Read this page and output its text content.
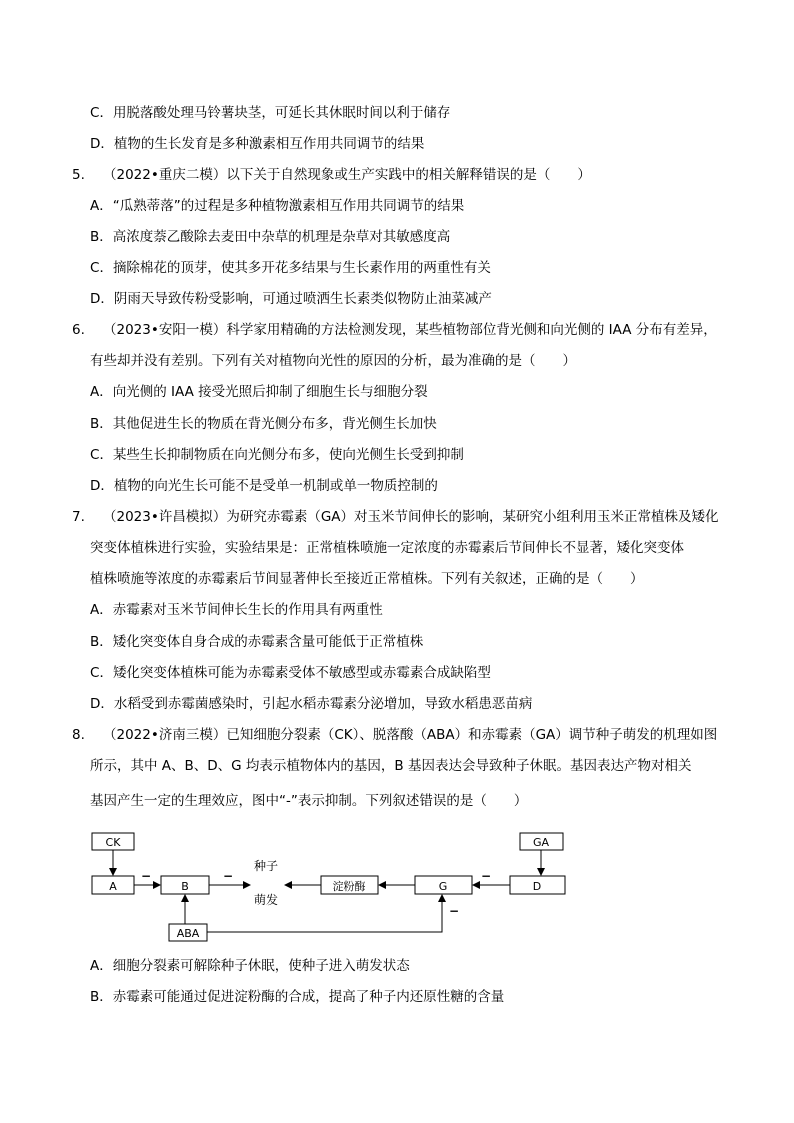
C．用脱落酸处理马铃薯块茎，可延长其休眠时间以利于储存
D．植物的生长发育是多种激素相互作用共同调节的结果
5. （2022•重庆二模）以下关于自然现象或生产实践中的相关解释错误的是（　　）
A．“瓜熟蒂落”的过程是多种植物激素相互作用共同调节的结果
B．高浓度萘乙酸除去麦田中杂草的机理是杂草对其敏感度高
C．摘除棉花的顶芽，使其多开花多结果与生长素作用的两重性有关
D．阴雨天导致传粉受影响，可通过喷洒生长素类似物防止油菜减产
6. （2023•安阳一模）科学家用精确的方法检测发现，某些植物部位背光侧和向光侧的 IAA 分布有差异，
有些却并没有差别。下列有关对植物向光性的原因的分析，最为准确的是（　　）
A．向光侧的 IAA 接受光照后抑制了细胞生长与细胞分裂
B．其他促进生长的物质在背光侧分布多，背光侧生长加快
C．某些生长抑制物质在向光侧分布多，使向光侧生长受到抑制
D．植物的向光生长可能不是受单一机制或单一物质控制的
7. （2023•许昌模拟）为研究赤霉素（GA）对玉米节间伸长的影响，某研究小组利用玉米正常植株及矮化
突变体植株进行实验，实验结果是：正常植株喷施一定浓度的赤霉素后节间伸长不显著，矮化突变体
植株喷施等浓度的赤霉素后节间显著伸长至接近正常植株。下列有关叙述，正确的是（　　）
A．赤霉素对玉米节间伸长生长的作用具有两重性
B．矮化突变体自身合成的赤霉素含量可能低于正常植株
C．矮化突变体植株可能为赤霉素受体不敏感型或赤霉素合成缺陷型
D．水稻受到赤霉菌感染时，引起水稻赤霉素分泌增加，导致水稻患恶苗病
8. （2022•济南三模）已知细胞分裂素（CK）、脱落酸（ABA）和赤霉素（GA）调节种子萌发的机理如图
所示，其中 A、B、D、G 均表示植物体内的基因，B 基因表达会导致种子休眠。基因表达产物对相关
基因产生一定的生理效应，图中“-”表示抑制。下列叙述错误的是（　　）
CK
A	B
ABA
淀粉酶	G	D
GA
种子
萌发
−	−	−
−
A．细胞分裂素可解除种子休眠，使种子进入萌发状态
B．赤霉素可能通过促进淀粉酶的合成，提高了种子内还原性糖的含量
